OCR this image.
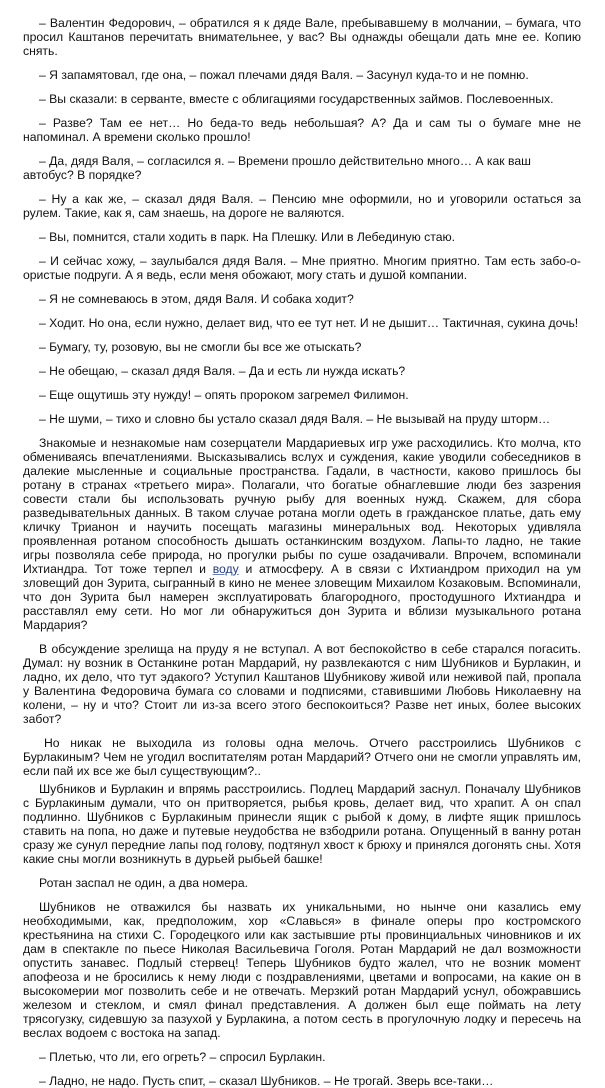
– Валентин Федорович, – обратился я к дяде Вале, пребывавшему в молчании, – бумага, что просил Каштанов перечитать внимательнее, у вас? Вы однажды обещали дать мне ее. Копию снять.

– Я запамятовал, где она, – пожал плечами дядя Валя. – Засунул куда-то и не помню.

– Вы сказали: в серванте, вместе с облигациями государственных займов. Послевоенных.

– Разве? Там ее нет… Но беда-то ведь небольшая? А? Да и сам ты о бумаге мне не напоминал. А времени сколько прошло!

– Да, дядя Валя, – согласился я. – Времени прошло действительно много… А как ваш автобус? В порядке?

– Ну а как же, – сказал дядя Валя. – Пенсию мне оформили, но и уговорили остаться за рулем. Такие, как я, сам знаешь, на дороге не валяются.

– Вы, помнится, стали ходить в парк. На Плешку. Или в Лебединую стаю.

– И сейчас хожу, – заулыбался дядя Валя. – Мне приятно. Многим приятно. Там есть забо-о-ористые подруги. А я ведь, если меня обожают, могу стать и душой компании.

– Я не сомневаюсь в этом, дядя Валя. И собака ходит?

– Ходит. Но она, если нужно, делает вид, что ее тут нет. И не дышит… Тактичная, сукина дочь!

– Бумагу, ту, розовую, вы не смогли бы все же отыскать?

– Не обещаю, – сказал дядя Валя. – Да и есть ли нужда искать?

– Еще ощутишь эту нужду! – опять пророком загремел Филимон.

– Не шуми, – тихо и словно бы устало сказал дядя Валя. – Не вызывай на пруду шторм…

Знакомые и незнакомые нам созерцатели Мардариевых игр уже расходились. Кто молча, кто обмениваясь впечатлениями. Высказывались вслух и суждения, какие уводили собеседников в далекие мысленные и социальные пространства. Гадали, в частности, каково пришлось бы ротану в странах «третьего мира». Полагали, что богатые обнаглевшие люди без зазрения совести стали бы использовать ручную рыбу для военных нужд. Скажем, для сбора разведывательных данных. В таком случае ротана могли одеть в гражданское платье, дать ему кличку Трианон и научить посещать магазины минеральных вод. Некоторых удивляла проявленная ротаном способность дышать останкинским воздухом. Лапы-то ладно, не такие игры позволяла себе природа, но прогулки рыбы по суше озадачивали. Впрочем, вспоминали Ихтиандра. Тот тоже терпел и воду и атмосферу. А в связи с Ихтиандром приходил на ум зловещий дон Зурита, сыгранный в кино не менее зловещим Михаилом Козаковым. Вспоминали, что дон Зурита был намерен эксплуатировать благородного, простодушного Ихтиандра и расставлял ему сети. Но мог ли обнаружиться дон Зурита и вблизи музыкального ротана Мардария?

В обсуждение зрелища на пруду я не вступал. А вот беспокойство в себе старался погасить. Думал: ну возник в Останкине ротан Мардарий, ну развлекаются с ним Шубников и Бурлакин, и ладно, их дело, что тут эдакого? Уступил Каштанов Шубникову живой или неживой пай, пропала у Валентина Федоровича бумага со словами и подписями, ставившими Любовь Николаевну на колени, – ну и что? Стоит ли из-за всего этого беспокоиться? Разве нет иных, более высоких забот?

Но никак не выходила из головы одна мелочь. Отчего расстроились Шубников с Бурлакиным? Чем не угодил воспитателям ротан Мардарий? Отчего они не смогли управлять им, если пай их все же был существующим?..

Шубников и Бурлакин и впрямь расстроились. Подлец Мардарий заснул. Поначалу Шубников с Бурлакиным думали, что он притворяется, рыбья кровь, делает вид, что храпит. А он спал подлинно. Шубников с Бурлакиным принесли ящик с рыбой к дому, в лифте ящик пришлось ставить на попа, но даже и путевые неудобства не взбодрили ротана. Опущенный в ванну ротан сразу же сунул передние лапы под голову, подтянул хвост к брюху и принялся догонять сны. Хотя какие сны могли возникнуть в дурьей рыбьей башке!

Ротан заспал не один, а два номера.

Шубников не отважился бы назвать их уникальными, но нынче они казались ему необходимыми, как, предположим, хор «Славься» в финале оперы про костромского крестьянина на стихи С. Городецкого или как застывшие рты провинциальных чиновников и их дам в спектакле по пьесе Николая Васильевича Гоголя. Ротан Мардарий не дал возможности опустить занавес. Подлый стервец! Теперь Шубников будто жалел, что не возник момент апофеоза и не бросились к нему люди с поздравлениями, цветами и вопросами, на какие он в высокомерии мог позволить себе и не отвечать. Мерзкий ротан Мардарий уснул, обожравшись железом и стеклом, и смял финал представления. А должен был еще поймать на лету трясогузку, сидевшую за пазухой у Бурлакина, а потом сесть в прогулочную лодку и пересечь на веслах водоем с востока на запад.

– Плетью, что ли, его огреть? – спросил Бурлакин.

– Ладно, не надо. Пусть спит, – сказал Шубников. – Не трогай. Зверь все-таки…
